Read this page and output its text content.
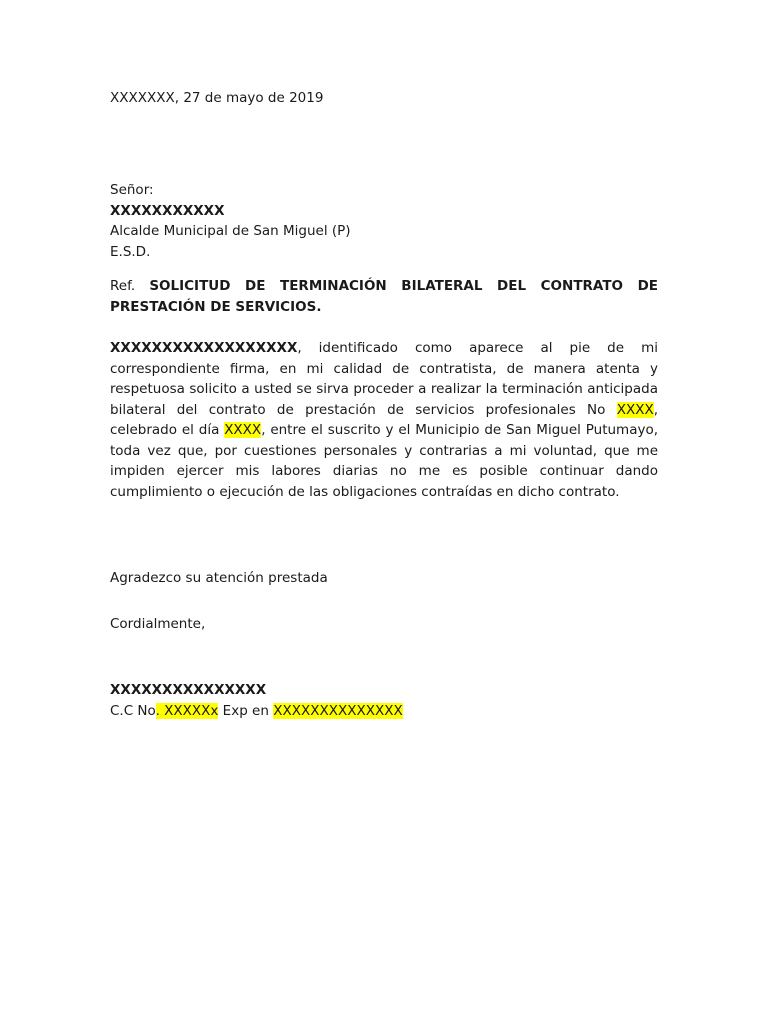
XXXXXXX, 27 de mayo de 2019
Señor:
XXXXXXXXXXX
Alcalde Municipal de San Miguel (P)
E.S.D.
Ref. SOLICITUD DE TERMINACIÓN BILATERAL DEL CONTRATO DE PRESTACIÓN DE SERVICIOS.
XXXXXXXXXXXXXXXXXX, identificado como aparece al pie de mi correspondiente firma, en mi calidad de contratista, de manera atenta y respetuosa solicito a usted se sirva proceder a realizar la terminación anticipada bilateral del contrato de prestación de servicios profesionales No XXXX, celebrado el día XXXX, entre el suscrito y el Municipio de San Miguel Putumayo, toda vez que, por cuestiones personales y contrarias a mi voluntad, que me impiden ejercer mis labores diarias no me es posible continuar dando cumplimiento o ejecución de las obligaciones contraídas en dicho contrato.
Agradezco su atención prestada
Cordialmente,
XXXXXXXXXXXXXXX
C.C No. XXXXXx Exp en XXXXXXXXXXXXXX
